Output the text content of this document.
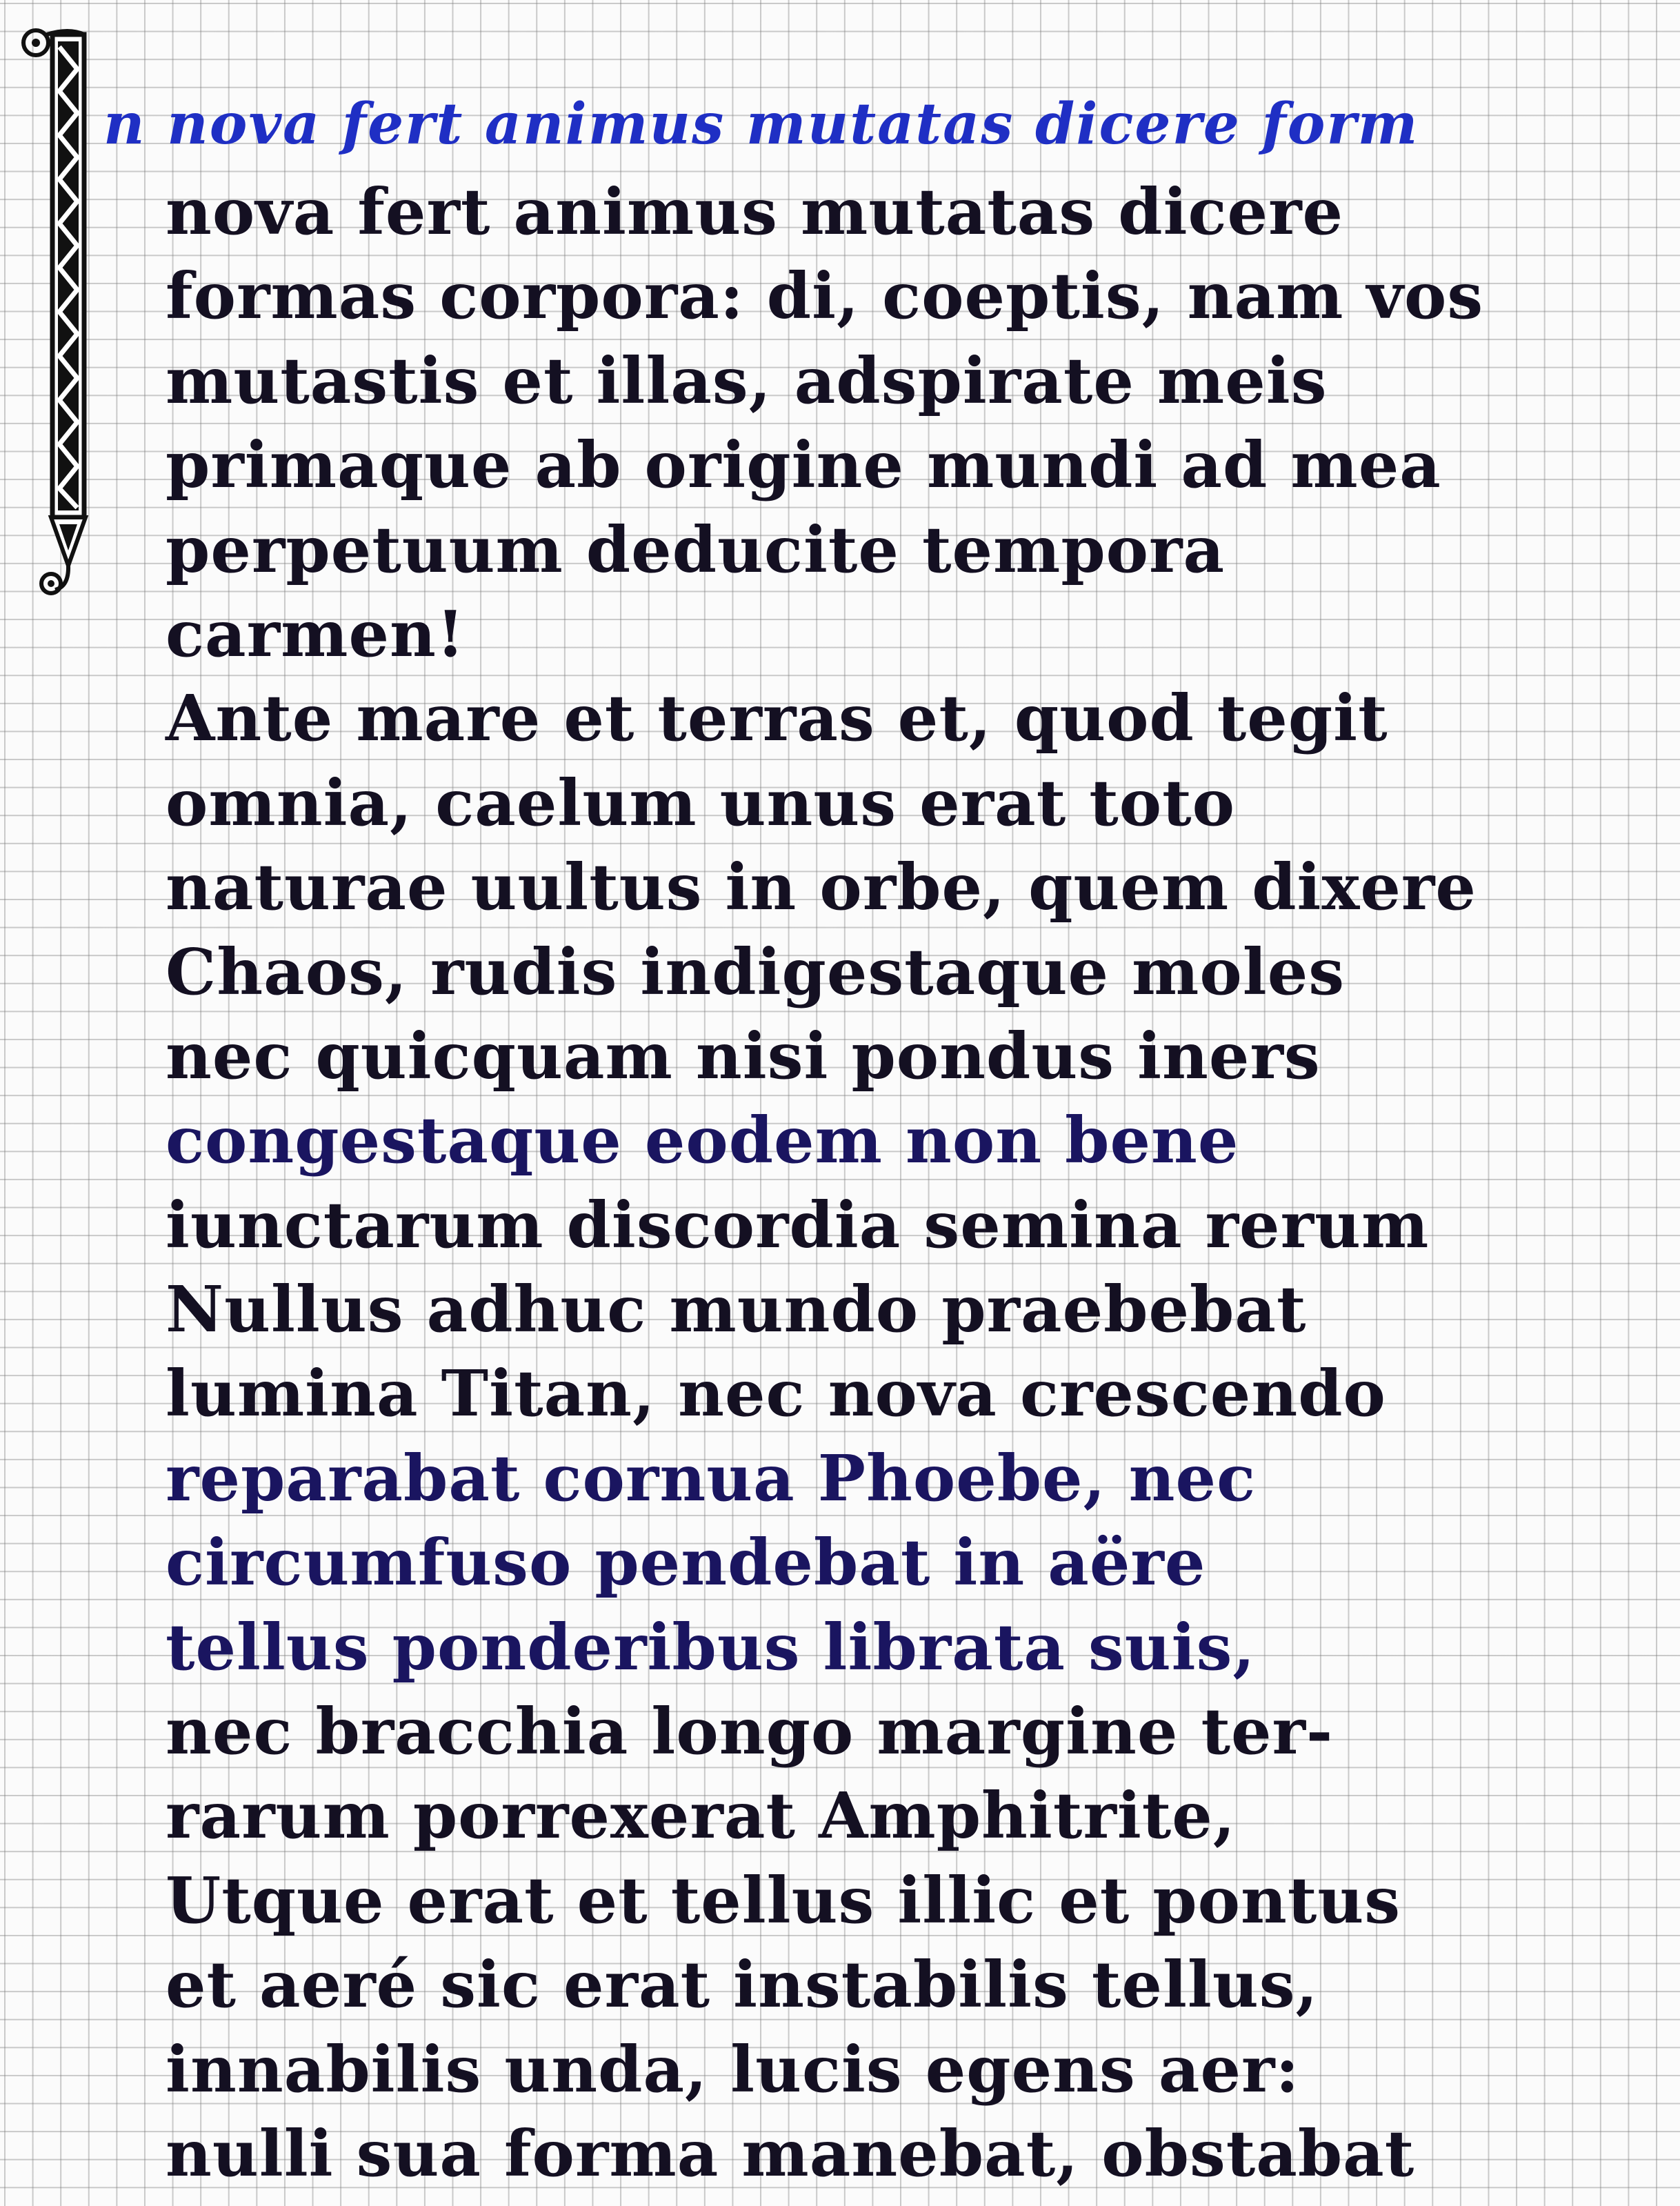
n nova fert animus mutatas dicere form
nova fert animus mutatas dicere
formas corpora: di, coeptis, nam vos
mutastis et illas, adspirate meis
primaque ab origine mundi ad mea
perpetuum deducite tempora
carmen!
Ante mare et terras et, quod tegit
omnia, caelum unus erat toto
naturae uultus in orbe, quem dixere
Chaos, rudis indigestaque moles
nec quicquam nisi pondus iners
congestaque eodem non bene
iunctarum discordia semina rerum
Nullus adhuc mundo praebebat
lumina Titan, nec nova crescendo
reparabat cornua Phoebe, nec
circumfuso pendebat in aëre
tellus ponderibus librata suis,
nec bracchia longo margine ter-
rarum porrexerat Amphitrite,
Utque erat et tellus illic et pontus
et aeré sic erat instabilis tellus,
innabilis unda, lucis egens aer:
nulli sua forma manebat, obstabat
